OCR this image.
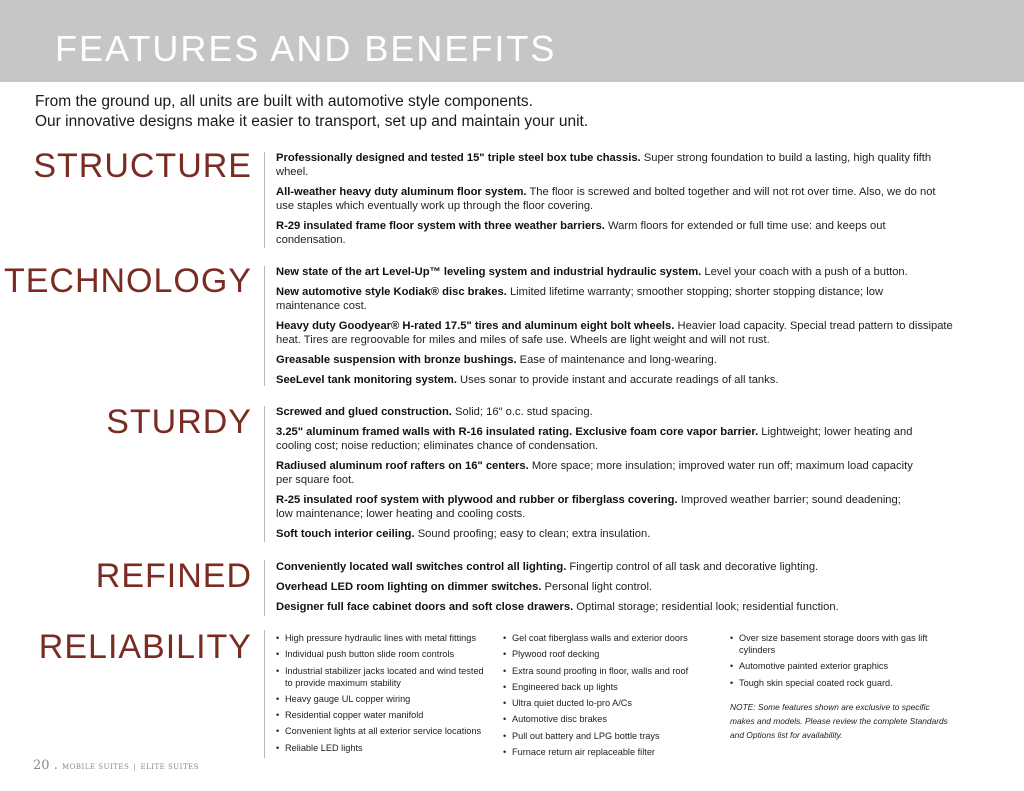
FEATURES AND BENEFITS
From the ground up, all units are built with automotive style components.
Our innovative designs make it easier to transport, set up and maintain your unit.
STRUCTURE Professionally designed and tested 15" triple steel box tube chassis. Super strong foundation to build a lasting, high quality fifth wheel.
All-weather heavy duty aluminum floor system. The floor is screwed and bolted together and will not rot over time. Also, we do not use staples which eventually work up through the floor covering.
R-29 insulated frame floor system with three weather barriers. Warm floors for extended or full time use: and keeps out condensation.
TECHNOLOGY New state of the art Level-Up™ leveling system and industrial hydraulic system. Level your coach with a push of a button.
New automotive style Kodiak® disc brakes. Limited lifetime warranty; smoother stopping; shorter stopping distance; low maintenance cost.
Heavy duty Goodyear® H-rated 17.5" tires and aluminum eight bolt wheels. Heavier load capacity. Special tread pattern to dissipate heat. Tires are regroovable for miles and miles of safe use. Wheels are light weight and will not rust.
Greasable suspension with bronze bushings. Ease of maintenance and long-wearing.
SeeLevel tank monitoring system. Uses sonar to provide instant and accurate readings of all tanks.
STURDY Screwed and glued construction. Solid; 16" o.c. stud spacing.
3.25" aluminum framed walls with R-16 insulated rating. Exclusive foam core vapor barrier. Lightweight; lower heating and cooling cost; noise reduction; eliminates chance of condensation.
Radiused aluminum roof rafters on 16" centers. More space; more insulation; improved water run off; maximum load capacity per square foot.
R-25 insulated roof system with plywood and rubber or fiberglass covering. Improved weather barrier; sound deadening; low maintenance; lower heating and cooling costs.
Soft touch interior ceiling. Sound proofing; easy to clean; extra insulation.
REFINED Conveniently located wall switches control all lighting. Fingertip control of all task and decorative lighting.
Overhead LED room lighting on dimmer switches. Personal light control.
Designer full face cabinet doors and soft close drawers. Optimal storage; residential look; residential function.
RELIABILITY
•	High pressure hydraulic lines with metal fittings
• Individual push button slide room controls
• Industrial stabilizer jacks located and wind tested to provide maximum stability
• Heavy gauge UL copper wiring
• Residential copper water manifold
• Convenient lights at all exterior service locations
• Reliable LED lights
• Gel coat fiberglass walls and exterior doors
• Plywood roof decking
• Extra sound proofing in floor, walls and roof
• Engineered back up lights
• Ultra quiet ducted lo-pro A/Cs
• Automotive disc brakes
• Pull out battery and LPG bottle trays
• Furnace return air replaceable filter
• Over size basement storage doors with gas lift cylinders
• Automotive painted exterior graphics
• Tough skin special coated rock guard.
NOTE: Some features shown are exclusive to specific makes and models. Please review the complete Standards and Options list for availability.
20 . MOBILE SUITES | ELITE SUITES
